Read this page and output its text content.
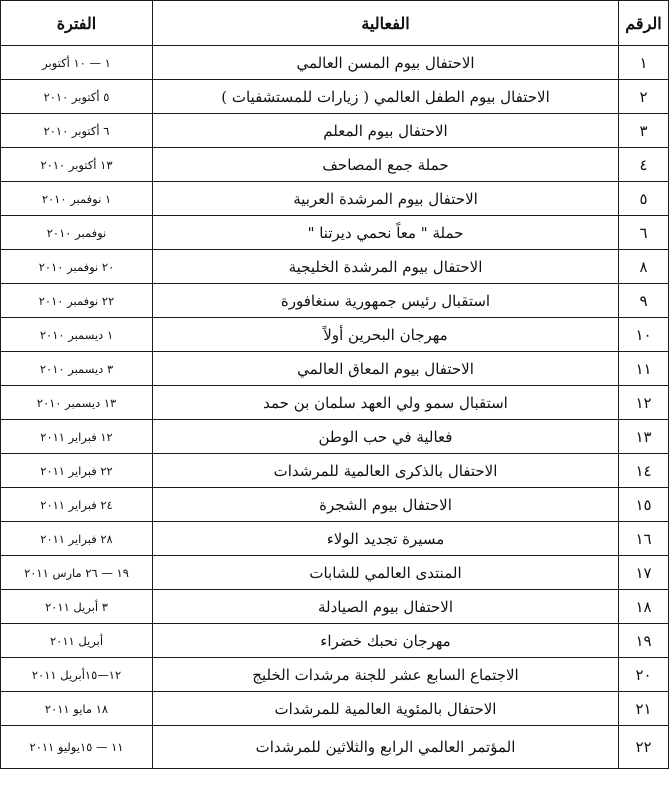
الرقم	الفعالية	الفترة
١	الاحتفال بيوم المسن العالمي	١ — ١٠ أكتوبر
٢	الاحتفال بيوم الطفل العالمي ( زيارات للمستشفيات )	٥ أكتوبر ٢٠١٠
٣	الاحتفال بيوم المعلم	٦ أكتوبر ٢٠١٠
٤	حملة جمع المصاحف	١٣ أكتوبر ٢٠١٠
٥	الاحتفال بيوم المرشدة العربية	١ نوفمبر ٢٠١٠
٦	حملة " معاً نحمي ديرتنا "	نوفمبر ٢٠١٠
٨	الاحتفال بيوم المرشدة الخليجية	٢٠ نوفمبر ٢٠١٠
٩	استقبال رئيس جمهورية سنغافورة	٢٢ نوفمبر ٢٠١٠
١٠	مهرجان البحرين أولاً	١ ديسمبر ٢٠١٠
١١	الاحتفال بيوم المعاق العالمي	٣ ديسمبر ٢٠١٠
١٢	استقبال سمو ولي العهد سلمان بن حمد	١٣ ديسمبر ٢٠١٠
١٣	فعالية في حب الوطن	١٢ فبراير ٢٠١١
١٤	الاحتفال بالذكرى العالمية للمرشدات	٢٢ فبراير ٢٠١١
١٥	الاحتفال بيوم الشجرة	٢٤ فبراير ٢٠١١
١٦	مسيرة تجديد الولاء	٢٨ فبراير ٢٠١١
١٧	المنتدى العالمي للشابات	١٩ — ٢٦ مارس ٢٠١١
١٨	الاحتفال بيوم الصيادلة	٣ أبريل ٢٠١١
١٩	مهرجان نحبك خضراء	أبريل ٢٠١١
٢٠	الاجتماع السابع عشر للجنة مرشدات الخليج	١٢—١٥أبريل ٢٠١١
٢١	الاحتفال بالمئوية العالمية للمرشدات	١٨ مايو ٢٠١١
٢٢	المؤتمر العالمي الرابع والثلاثين للمرشدات	١١ — ١٥يوليو ٢٠١١
